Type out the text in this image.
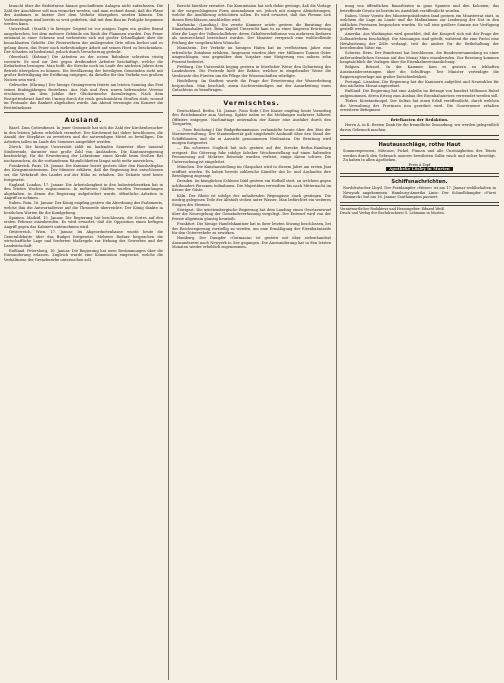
braucht über die Bedürfnisse hinaus geschaffenen Anlagen nicht aufzufassen. Die Zahl der Anschlüsse soll nun vermehrt werden, und man rechnet damit, daß die Pläne des Ausbaues in kurzer Zeit dem Verkehr übergeben werden können. Die Vorbereitungen sind bereits so weit gediehen, daß mit dem Bau im Frühjahr begonnen werden kann.

Unterelsaß. (Straßb.) In hiesiger Gegend ist vor einigen Tagen ein großer Brand ausgebrochen, bei dem mehrere Gebäude ein Raub der Flammen wurden. Das Feuer entstand in einer Scheune und verbreitete sich mit großer Schnelligkeit über die benachbarten Gehöfte. Die Feuerwehren der umliegenden Orte eilten herbei und es gelang ihnen, das Feuer nach mehrstündiger Arbeit auf seinen Herd zu beschränken. Der Schaden ist bedeutend, jedoch durch Versicherung gedeckt.

Oberelsaß. (Kolmar.) Die Arbeiten an der neuen Bahnlinie schreiten rüstig vorwärts. Es sind zur Zeit gegen dreihundert Arbeiter beschäftigt, welche die Erdarbeiten besorgen. Man hofft, die Strecke noch im Laufe des nächsten Jahres dem Betrieb übergeben zu können. Die Bevölkerung der beteiligten Gemeinden sieht mit großer Befriedigung der Eröffnung entgegen, da dieselbe für den Verkehr von großem Nutzen sein wird.

Gebweiler. (Ehrung.) Der hiesige Gesangverein feierte am letzten Sonntag das Fest seines fünfzigjährigen Bestehens. Aus Nah und Fern waren befreundete Vereine erschienen, um dem Jubilar ihre Glückwünsche darzubringen. Nach dem Festgottesdienst fand ein Umzug durch die reich geschmückten Straßen statt, worauf im Festsaale das Bankett abgehalten wurde. Am Abend vereinigte ein Konzert die Festteilnehmer.

Ausland.

Basel. Zum Gottesdienst. In jener Gemeinde hat sich die Zahl der Kirchenbesucher in den letzten Jahren erheblich vermehrt. Der Kirchenrat hat daher beschlossen, die Anzahl der Sitzplätze zu erweitern und die notwendigen Mittel zu bewilligen. Die Arbeiten sollen im Laufe des Sommers ausgeführt werden.

Zürich. Die hiesige Universität zählt im laufenden Semester über tausend Studierende, darunter eine große Zahl von Ausländern. Die Kantonsregierung beabsichtigt, für die Erweiterung der Lehrräume einen Kredit beim Großen Rat nachzusuchen, da die vorhandenen Räumlichkeiten längst nicht mehr ausreichen.

Frankreich. Paris, 18. Januar. Die Kammer beriet gestern über den Haushaltsplan des Kriegsministeriums. Der Minister erklärte, daß die Regierung fest entschlossen sei, die Wehrkraft des Landes auf der Höhe zu erhalten. Die Debatte wird heute fortgesetzt.

England. London, 17. Januar. Die Arbeitslosigkeit in den Industriebezirken hat in den letzten Wochen zugenommen. In mehreren Städten wurden Versammlungen abgehalten, in denen die Regierung aufgefordert wurde, öffentliche Arbeiten in Angriff zu nehmen.

Italien. Rom, 16. Januar. Der König empfing gestern die Abordnung des Parlaments, welche ihm die Antwortadresse auf die Thronrede überreichte. Der König dankte in herzlichen Worten für die Kundgebung.

Spanien. Madrid, 15. Januar. Die Regierung hat beschlossen, die Cortes auf den ersten Februar einzuberufen. Es wird erwartet, daß die Opposition einen heftigen Angriff gegen das Kabinett unternehmen wird.

Oesterreich. Wien, 17. Januar. Im Abgeordnetenhause wurde heute die Generaldebatte über das Budget fortgesetzt. Mehrere Redner besprachen die wirtschaftliche Lage und forderten Maßregeln zur Hebung des Gewerbes und der Landwirtschaft.

Rußland. Petersburg, 16. Januar. Die Regierung hat neue Bestimmungen über die Einwanderung erlassen. Zugleich wurde eine Kommission eingesetzt, welche die Verhältnisse der Grenzbezirke untersuchen soll.

Bericht hierüber erstattet. Die Kommission hat sich dahin geeinigt, daß die Vorlage in der vorgeschlagenen Form anzunehmen sei, jedoch mit einigen Abänderungen, welche die Ausführung erleichtern sollen. Es wird erwartet, daß das Plenum sich diesen Beschlüssen anschließen wird.

Karlsruhe. (Landtag.) Die zweite Kammer setzte gestern die Beratung des Staatshaushaltes fort. Beim Kapitel Unterricht kam es zu einer längeren Erörterung über die Lage der Volksschullehrer, deren Gehaltsverhältnisse von mehreren Rednern als unzureichend bezeichnet wurden. Der Minister versprach eine wohlwollende Prüfung der vorgebrachten Wünsche.

Mannheim. Der Verkehr im hiesigen Hafen hat im verflossenen Jahre eine erfreuliche Zunahme erfahren. Insgesamt wurden über vier Millionen Tonnen Güter umgeschlagen, was gegenüber dem Vorjahre eine Steigerung von nahezu zehn Prozent bedeutet.

Freiburg. Die Universität beging gestern in feierlicher Weise den Geburtstag des Landesherrn. Die Festrede hielt der Rektor, welcher in eingehender Weise die Verdienste des Fürsten um die Pflege der Wissenschaften würdigte.

Heidelberg. Im Stadtrat wurde die Frage der Erweiterung der Wasserleitung besprochen. Man beschloß, einen Sachverständigen mit der Ausarbeitung eines Gutachtens zu beauftragen.

Vermischtes.

Deutschland. Berlin, 18. Januar. (Vom Hofe.) Der Kaiser empfing heute Vormittag den Reichskanzler zum Vortrag. Später nahm er die Meldungen mehrerer höherer Offiziere entgegen. Nachmittags unternahm der Kaiser eine Ausfahrt durch den Tiergarten.

— (Vom Reichstag.) Die Budgetkommission verhandelte heute über den Etat der Marineverwaltung. Der Staatssekretär gab eingehende Auskunft über den Stand der Schiffsbauten und die in Aussicht genommenen Neubauten. Die Beratung wird morgen fortgesetzt.

— Ein schweres Unglück hat sich gestern auf der Strecke Berlin–Hamburg ereignet. Ein Güterzug fuhr infolge falscher Weichenstellung auf einen haltenden Personenzug auf. Mehrere Reisende wurden verletzt, einige davon schwer. Die Untersuchung ist eingeleitet.

München. Die Kunstausstellung im Glaspalast wird in diesem Jahre am ersten Juni eröffnet werden. Es haben bereits zahlreiche Künstler des In- und Auslandes ihre Beteiligung zugesagt.

Dresden. Im königlichen Schlosse fand gestern ein Hofball statt, an welchem gegen achthundert Personen teilnahmen. Die Majestäten verweilten bis nach Mitternacht im Kreise der Gäste.

Köln. Der Rhein ist infolge der anhaltenden Regengüsse stark gestiegen. Die niedrig gelegenen Teile der Altstadt stehen unter Wasser. Man befürchtet ein weiteres Steigen des Stromes.

Stuttgart. Die württembergische Regierung hat dem Landtag einen Gesetzentwurf über die Neuregelung der Gemeindeverfassung vorgelegt. Der Entwurf wird von der Presse allgemein günstig beurteilt.

Frankfurt. Die hiesige Handelskammer hat in ihrer letzten Sitzung beschlossen, bei der Reichsregierung vorstellig zu werden, um eine Ermäßigung der Eisenbahntarife für den Güterverkehr zu erwirken.

Hamburg. Der Dampfer »Germania« ist gestern mit über siebenhundert Auswanderern nach Newyork in See gegangen. Die Auswanderung hat in den letzten Monaten wieder erheblich zugenommen.

nung von öffentlichen Bauarbeiten in ganz Spanien und den Kolonien; das betreffende Gesetz ist bereits im Amtsblatt veröffentlicht worden.

Italien. Unter Vorsitz des Ministerpräsidenten fand gestern ein Ministerrat statt, in welchem die Lage im Lande und die Maßnahmen zur Linderung der Not in den südlichen Provinzen besprochen wurden. Es soll eine größere Summe zur Verfügung gestellt werden.

Amerika. Aus Washington wird gemeldet, daß der Kongreß sich mit der Frage der Zolltarifreform beschäftigt. Die Meinungen sind geteilt; während die eine Partei eine Herabsetzung der Zölle verlangt, tritt die andere für die Beibehaltung der bestehenden Sätze ein.

Schweiz. Bern. Der Bundesrat hat beschlossen, die Bundesversammlung zu einer außerordentlichen Session auf den Monat März einzuberufen. Zur Beratung kommen hauptsächlich die Vorlagen über die Eisenbahnverstaatlichung.

Belgien. Brüssel. In der Kammer kam es gestern zu lebhaften Auseinandersetzungen über die Schulfrage. Der Minister verteidigte die Regierungsvorlage mit großer Entschiedenheit.

Portugal. Lissabon. Die Regierung hat die Kammern aufgelöst und Neuwahlen für den nächsten Monat angeordnet.

Rußland. Die Regierung hat eine Anleihe im Betrage von hundert Millionen Rubel aufgenommen, deren Ertrag zum Ausbau des Eisenbahnnetzes verwendet werden soll.

Türkei. Konstantinopel. Der Sultan hat einen Erlaß veröffentlicht, durch welchen die Verwaltung der Provinzen neu geordnet wird. Die Gouverneure erhalten erweiterte Befugnisse.

Briefkasten der Redaktion.

Herrn A. in K. Besten Dank für die freundliche Zusendung; wir werden gelegentlich davon Gebrauch machen.

Hautausschläge, rothe Haut
Sommersprossen, Mitesser, Pickel, Finnen und alle Unreinigkeiten des Teints werden durch den Gebrauch unserer bewährten Salbe rasch und sicher beseitigt. Zu haben in allen Apotheken.
Preis à Topf
Apotheke Lösley in Murten
Schiffsnachrichten.
Norddeutscher Lloyd. Der Postdampfer »Weser« ist am 17. Januar wohlbehalten in Newyork angekommen. Hamburg-Amerika Linie: Der Schnelldampfer »Fürst Bismarck« hat am 16. Januar Southampton passiert.
Verantwortlicher Redakteur und Herausgeber: Eduard Weiß.
Druck und Verlag der Buchdruckerei G. Lehmann in Murten.
